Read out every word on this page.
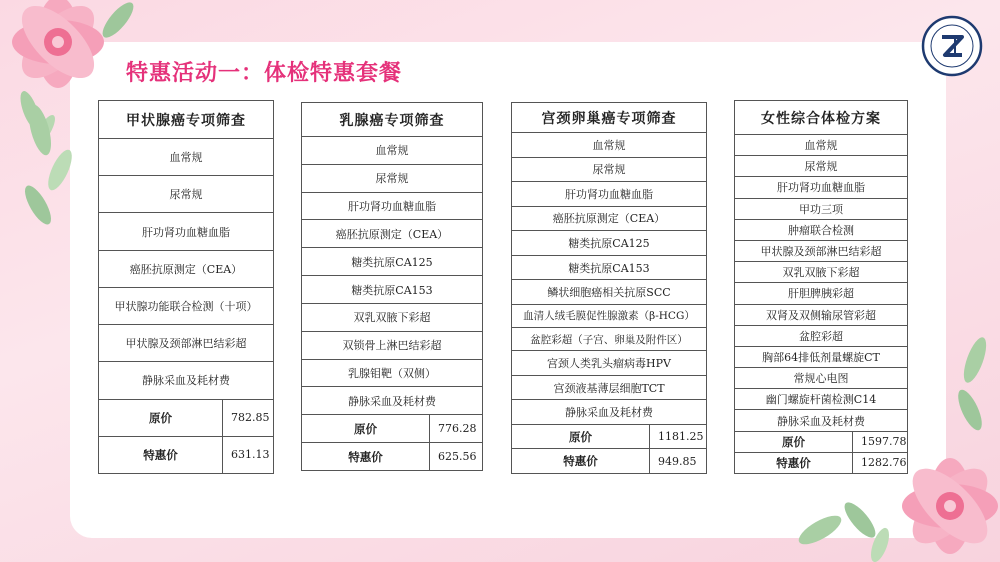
特惠活动一：体检特惠套餐
甲状腺癌专项筛查	
血常规	
尿常规	
肝功肾功血糖血脂	
癌胚抗原测定（CEA）	
甲状腺功能联合检测（十项）	
甲状腺及颈部淋巴结彩超	
静脉采血及耗材费	
原价	782.85
特惠价	631.13
乳腺癌专项筛查	
血常规	
尿常规	
肝功肾功血糖血脂	
癌胚抗原测定（CEA）	
糖类抗原CA125	
糖类抗原CA153	
双乳双腋下彩超	
双锁骨上淋巴结彩超	
乳腺钼靶（双侧）	
静脉采血及耗材费	
原价	776.28
特惠价	625.56
宫颈卵巢癌专项筛查	
血常规	
尿常规	
肝功肾功血糖血脂	
癌胚抗原测定（CEA）	
糖类抗原CA125	
糖类抗原CA153	
鳞状细胞癌相关抗原SCC	
血清人绒毛膜促性腺激素（β-HCG）	
盆腔彩超（子宫、卵巢及附件区）	
宫颈人类乳头瘤病毒HPV	
宫颈液基薄层细胞TCT	
静脉采血及耗材费	
原价	1181.25
特惠价	949.85
女性综合体检方案	
血常规	
尿常规	
肝功肾功血糖血脂	
甲功三项	
肿瘤联合检测	
甲状腺及颈部淋巴结彩超	
双乳双腋下彩超	
肝胆脾胰彩超	
双肾及双侧输尿管彩超	
盆腔彩超	
胸部64排低剂量螺旋CT	
常规心电图	
幽门螺旋杆菌检测C14	
静脉采血及耗材费	
原价	1597.78
特惠价	1282.76
